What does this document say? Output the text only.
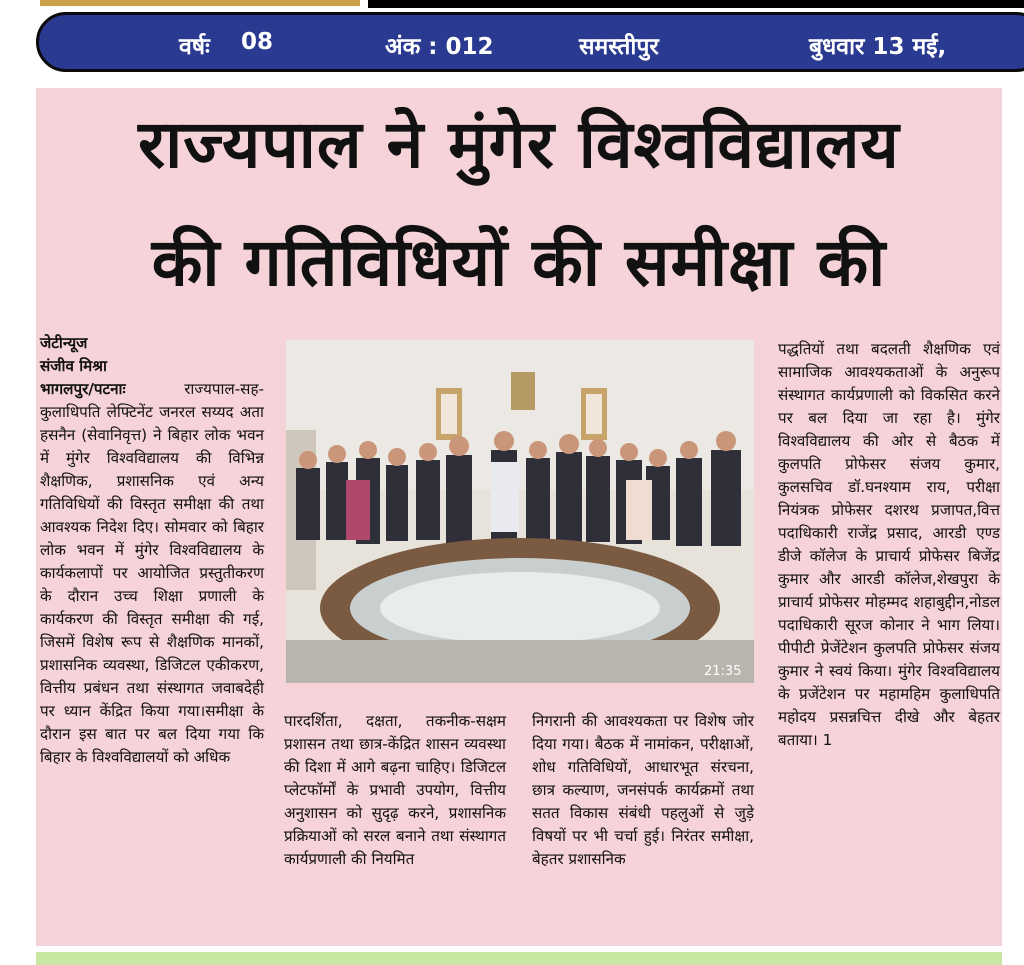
वर्षः 08	अंक : 012	समस्तीपुर	बुधवार 13 मई,
राज्यपाल ने मुंगेर विश्वविद्यालय
की गतिविधियों की समीक्षा की
जेटीन्यूज
संजीव मिश्रा
भागलपुर/पटनाः	राज्यपाल-सह-कुलाधिपति लेफ्टिनेंट जनरल सय्यद अता हसनैन (सेवानिवृत्त) ने बिहार लोक भवन में मुंगेर विश्वविद्यालय की विभिन्न शैक्षणिक, प्रशासनिक एवं अन्य गतिविधियों की विस्तृत समीक्षा की तथा आवश्यक निदेश दिए। सोमवार को बिहार लोक भवन में मुंगेर विश्वविद्यालय के कार्यकलापों पर आयोजित प्रस्तुतीकरण के दौरान उच्च शिक्षा प्रणाली के कार्यकरण की विस्तृत समीक्षा की गई, जिसमें विशेष रूप से शैक्षणिक मानकों, प्रशासनिक व्यवस्था, डिजिटल एकीकरण, वित्तीय प्रबंधन तथा संस्थागत जवाबदेही पर ध्यान केंद्रित किया गया।समीक्षा के दौरान इस बात पर बल दिया गया कि बिहार के विश्वविद्यालयों को अधिक
21:35
पारदर्शिता, दक्षता, तकनीक-सक्षम प्रशासन तथा छात्र-केंद्रित शासन व्यवस्था की दिशा में आगे बढ़ना चाहिए। डिजिटल प्लेटफॉर्मों के प्रभावी उपयोग, वित्तीय अनुशासन को सुदृढ़ करने, प्रशासनिक प्रक्रियाओं को सरल बनाने तथा संस्थागत कार्यप्रणाली की नियमित
निगरानी की आवश्यकता पर विशेष जोर दिया गया। बैठक में नामांकन, परीक्षाओं, शोध गतिविधियों, आधारभूत संरचना, छात्र कल्याण, जनसंपर्क कार्यक्रमों तथा सतत विकास संबंधी पहलुओं से जुड़े विषयों पर भी चर्चा हुई। निरंतर समीक्षा, बेहतर प्रशासनिक
पद्धतियों तथा बदलती शैक्षणिक एवं सामाजिक आवश्यकताओं के अनुरूप संस्थागत कार्यप्रणाली को विकसित करने पर बल दिया जा रहा है। मुंगेर विश्वविद्यालय की ओर से बैठक में कुलपति प्रोफेसर संजय कुमार, कुलसचिव डॉ.घनश्याम राय, परीक्षा नियंत्रक प्रोफेसर दशरथ प्रजापत,वित्त पदाधिकारी राजेंद्र प्रसाद, आरडी एण्ड डीजे कॉलेज के प्राचार्य प्रोफेसर बिजेंद्र कुमार और आरडी कॉलेज,शेखपुरा के प्राचार्य प्रोफेसर मोहम्मद शहाबुद्दीन,नोडल पदाधिकारी सूरज कोनार ने भाग लिया। पीपीटी प्रेजेंटेशन कुलपति प्रोफेसर संजय कुमार ने स्वयं किया। मुंगेर विश्वविद्यालय के प्रजेंटेशन पर महामहिम कुलाधिपति महोदय प्रसन्नचित्त दीखे और बेहतर बताया। 1
